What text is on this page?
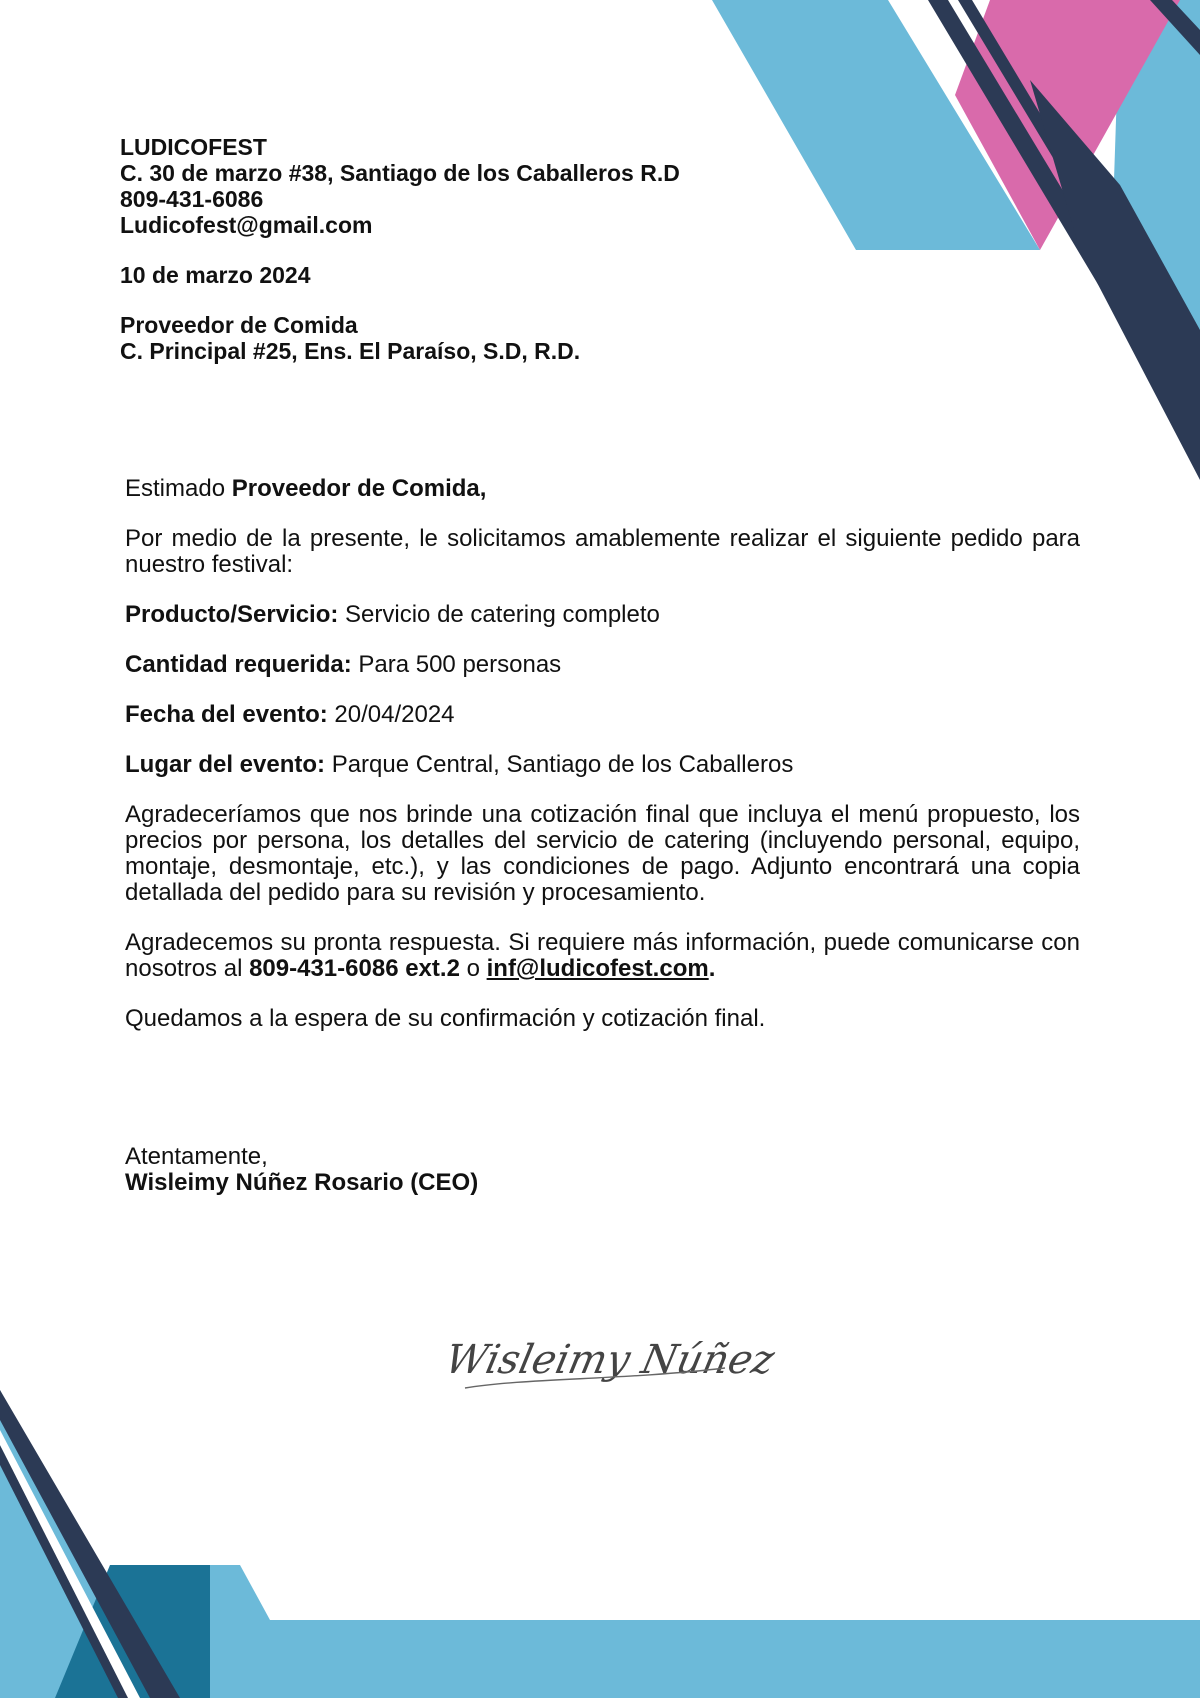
LUDICOFEST
C. 30 de marzo #38, Santiago de los Caballeros R.D
809-431-6086
Ludicofest@gmail.com
10 de marzo 2024
Proveedor de Comida
C. Principal #25, Ens. El Paraíso, S.D, R.D.

Estimado Proveedor de Comida,

Por medio de la presente, le solicitamos amablemente realizar el siguiente pedido para nuestro festival:

Producto/Servicio: Servicio de catering completo
Cantidad requerida: Para 500 personas
Fecha del evento: 20/04/2024
Lugar del evento: Parque Central, Santiago de los Caballeros

Agradeceríamos que nos brinde una cotización final que incluya el menú propuesto, los precios por persona, los detalles del servicio de catering (incluyendo personal, equipo, montaje, desmontaje, etc.), y las condiciones de pago. Adjunto encontrará una copia detallada del pedido para su revisión y procesamiento.

Agradecemos su pronta respuesta. Si requiere más información, puede comunicarse con nosotros al 809-431-6086 ext.2 o inf@ludicofest.com.

Quedamos a la espera de su confirmación y cotización final.

Atentamente,
Wisleimy Núñez Rosario (CEO)
Wisleimy Núñez
